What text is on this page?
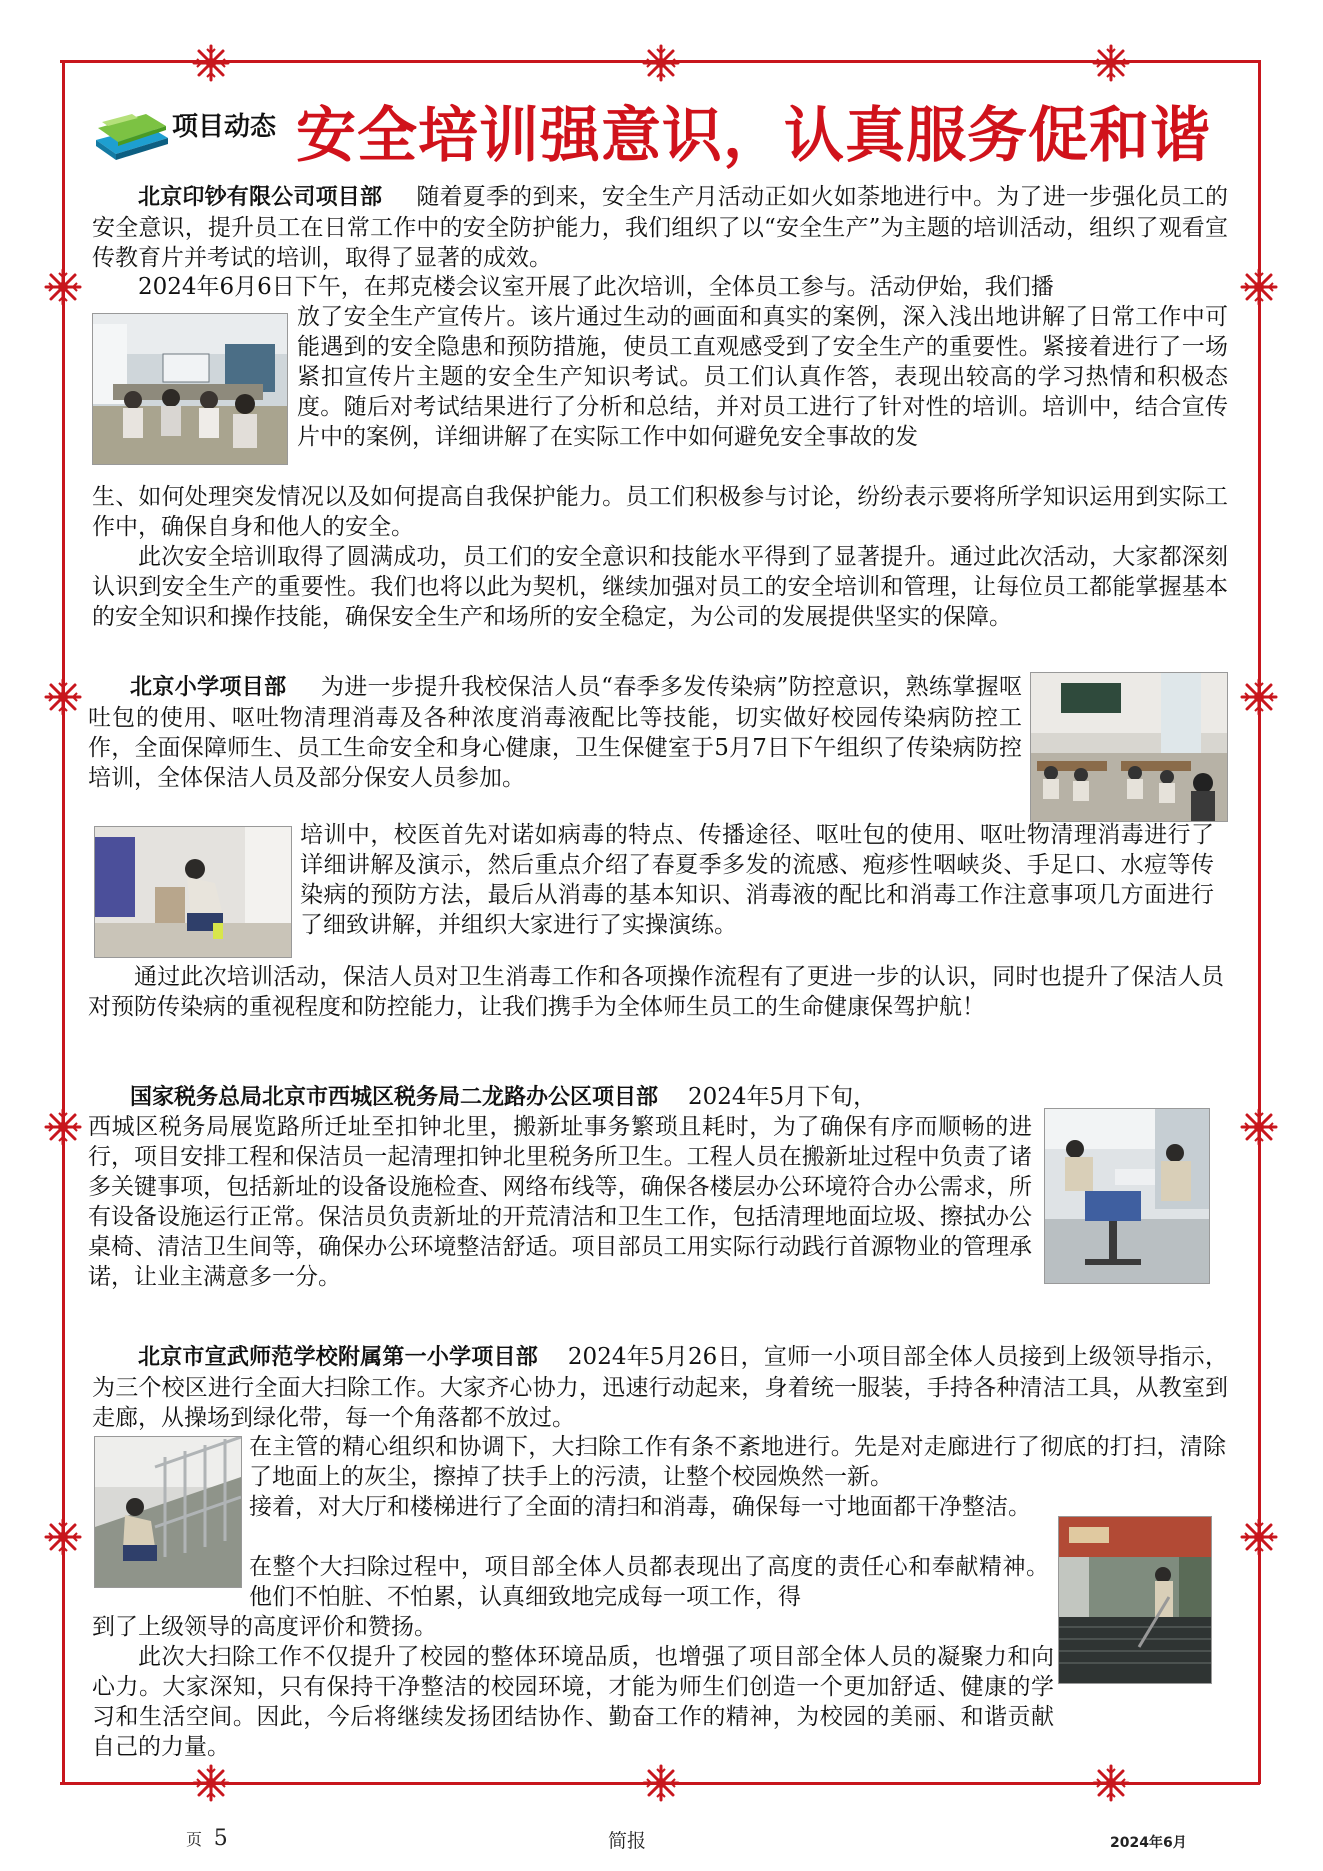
项目动态 安全培训强意识，认真服务促和谐

北京印钞有限公司项目部 随着夏季的到来，安全生产月活动正如火如荼地进行中。为了进一步强化员工的安全意识，提升员工在日常工作中的安全防护能力，我们组织了以“安全生产”为主题的培训活动，组织了观看宣传教育片并考试的培训，取得了显著的成效。

2024年6月6日下午，在邦克楼会议室开展了此次培训，全体员工参与。活动伊始，我们播

放了安全生产宣传片。该片通过生动的画面和真实的案例，深入浅出地讲解了日常工作中可能遇到的安全隐患和预防措施，使员工直观感受到了安全生产的重要性。紧接着进行了一场紧扣宣传片主题的安全生产知识考试。员工们认真作答，表现出较高的学习热情和积极态度。随后对考试结果进行了分析和总结，并对员工进行了针对性的培训。培训中，结合宣传片中的案例，详细讲解了在实际工作中如何避免安全事故的发

生、如何处理突发情况以及如何提高自我保护能力。员工们积极参与讨论，纷纷表示要将所学知识运用到实际工作中，确保自身和他人的安全。

此次安全培训取得了圆满成功，员工们的安全意识和技能水平得到了显著提升。通过此次活动，大家都深刻认识到安全生产的重要性。我们也将以此为契机，继续加强对员工的安全培训和管理，让每位员工都能掌握基本的安全知识和操作技能，确保安全生产和场所的安全稳定，为公司的发展提供坚实的保障。

北京小学项目部 为进一步提升我校保洁人员“春季多发传染病”防控意识，熟练掌握呕吐包的使用、呕吐物清理消毒及各种浓度消毒液配比等技能，切实做好校园传染病防控工作，全面保障师生、员工生命安全和身心健康，卫生保健室于5月7日下午组织了传染病防控培训，全体保洁人员及部分保安人员参加。

培训中，校医首先对诺如病毒的特点、传播途径、呕吐包的使用、呕吐物清理消毒进行了详细讲解及演示，然后重点介绍了春夏季多发的流感、疱疹性咽峡炎、手足口、水痘等传染病的预防方法，最后从消毒的基本知识、消毒液的配比和消毒工作注意事项几方面进行了细致讲解，并组织大家进行了实操演练。

通过此次培训活动，保洁人员对卫生消毒工作和各项操作流程有了更进一步的认识，同时也提升了保洁人员对预防传染病的重视程度和防控能力，让我们携手为全体师生员工的生命健康保驾护航！

国家税务总局北京市西城区税务局二龙路办公区项目部 2024年5月下旬，

西城区税务局展览路所迁址至扣钟北里，搬新址事务繁琐且耗时，为了确保有序而顺畅的进行，项目安排工程和保洁员一起清理扣钟北里税务所卫生。工程人员在搬新址过程中负责了诸多关键事项，包括新址的设备设施检查、网络布线等，确保各楼层办公环境符合办公需求，所有设备设施运行正常。保洁员负责新址的开荒清洁和卫生工作，包括清理地面垃圾、擦拭办公桌椅、清洁卫生间等，确保办公环境整洁舒适。项目部员工用实际行动践行首源物业的管理承诺，让业主满意多一分。

北京市宣武师范学校附属第一小学项目部 2024年5月26日，宣师一小项目部全体人员接到上级领导指示，为三个校区进行全面大扫除工作。大家齐心协力，迅速行动起来，身着统一服装，手持各种清洁工具，从教室到走廊，从操场到绿化带，每一个角落都不放过。

在主管的精心组织和协调下，大扫除工作有条不紊地进行。先是对走廊进行了彻底的打扫，清除了地面上的灰尘，擦掉了扶手上的污渍，让整个校园焕然一新。

接着，对大厅和楼梯进行了全面的清扫和消毒，确保每一寸地面都干净整洁。

在整个大扫除过程中，项目部全体人员都表现出了高度的责任心和奉献精神。他们不怕脏、不怕累，认真细致地完成每一项工作，得

到了上级领导的高度评价和赞扬。

此次大扫除工作不仅提升了校园的整体环境品质，也增强了项目部全体人员的凝聚力和向心力。大家深知，只有保持干净整洁的校园环境，才能为师生们创造一个更加舒适、健康的学习和生活空间。因此，今后将继续发扬团结协作、勤奋工作的精神，为校园的美丽、和谐贡献自己的力量。

页 5	简报	2024年6月
